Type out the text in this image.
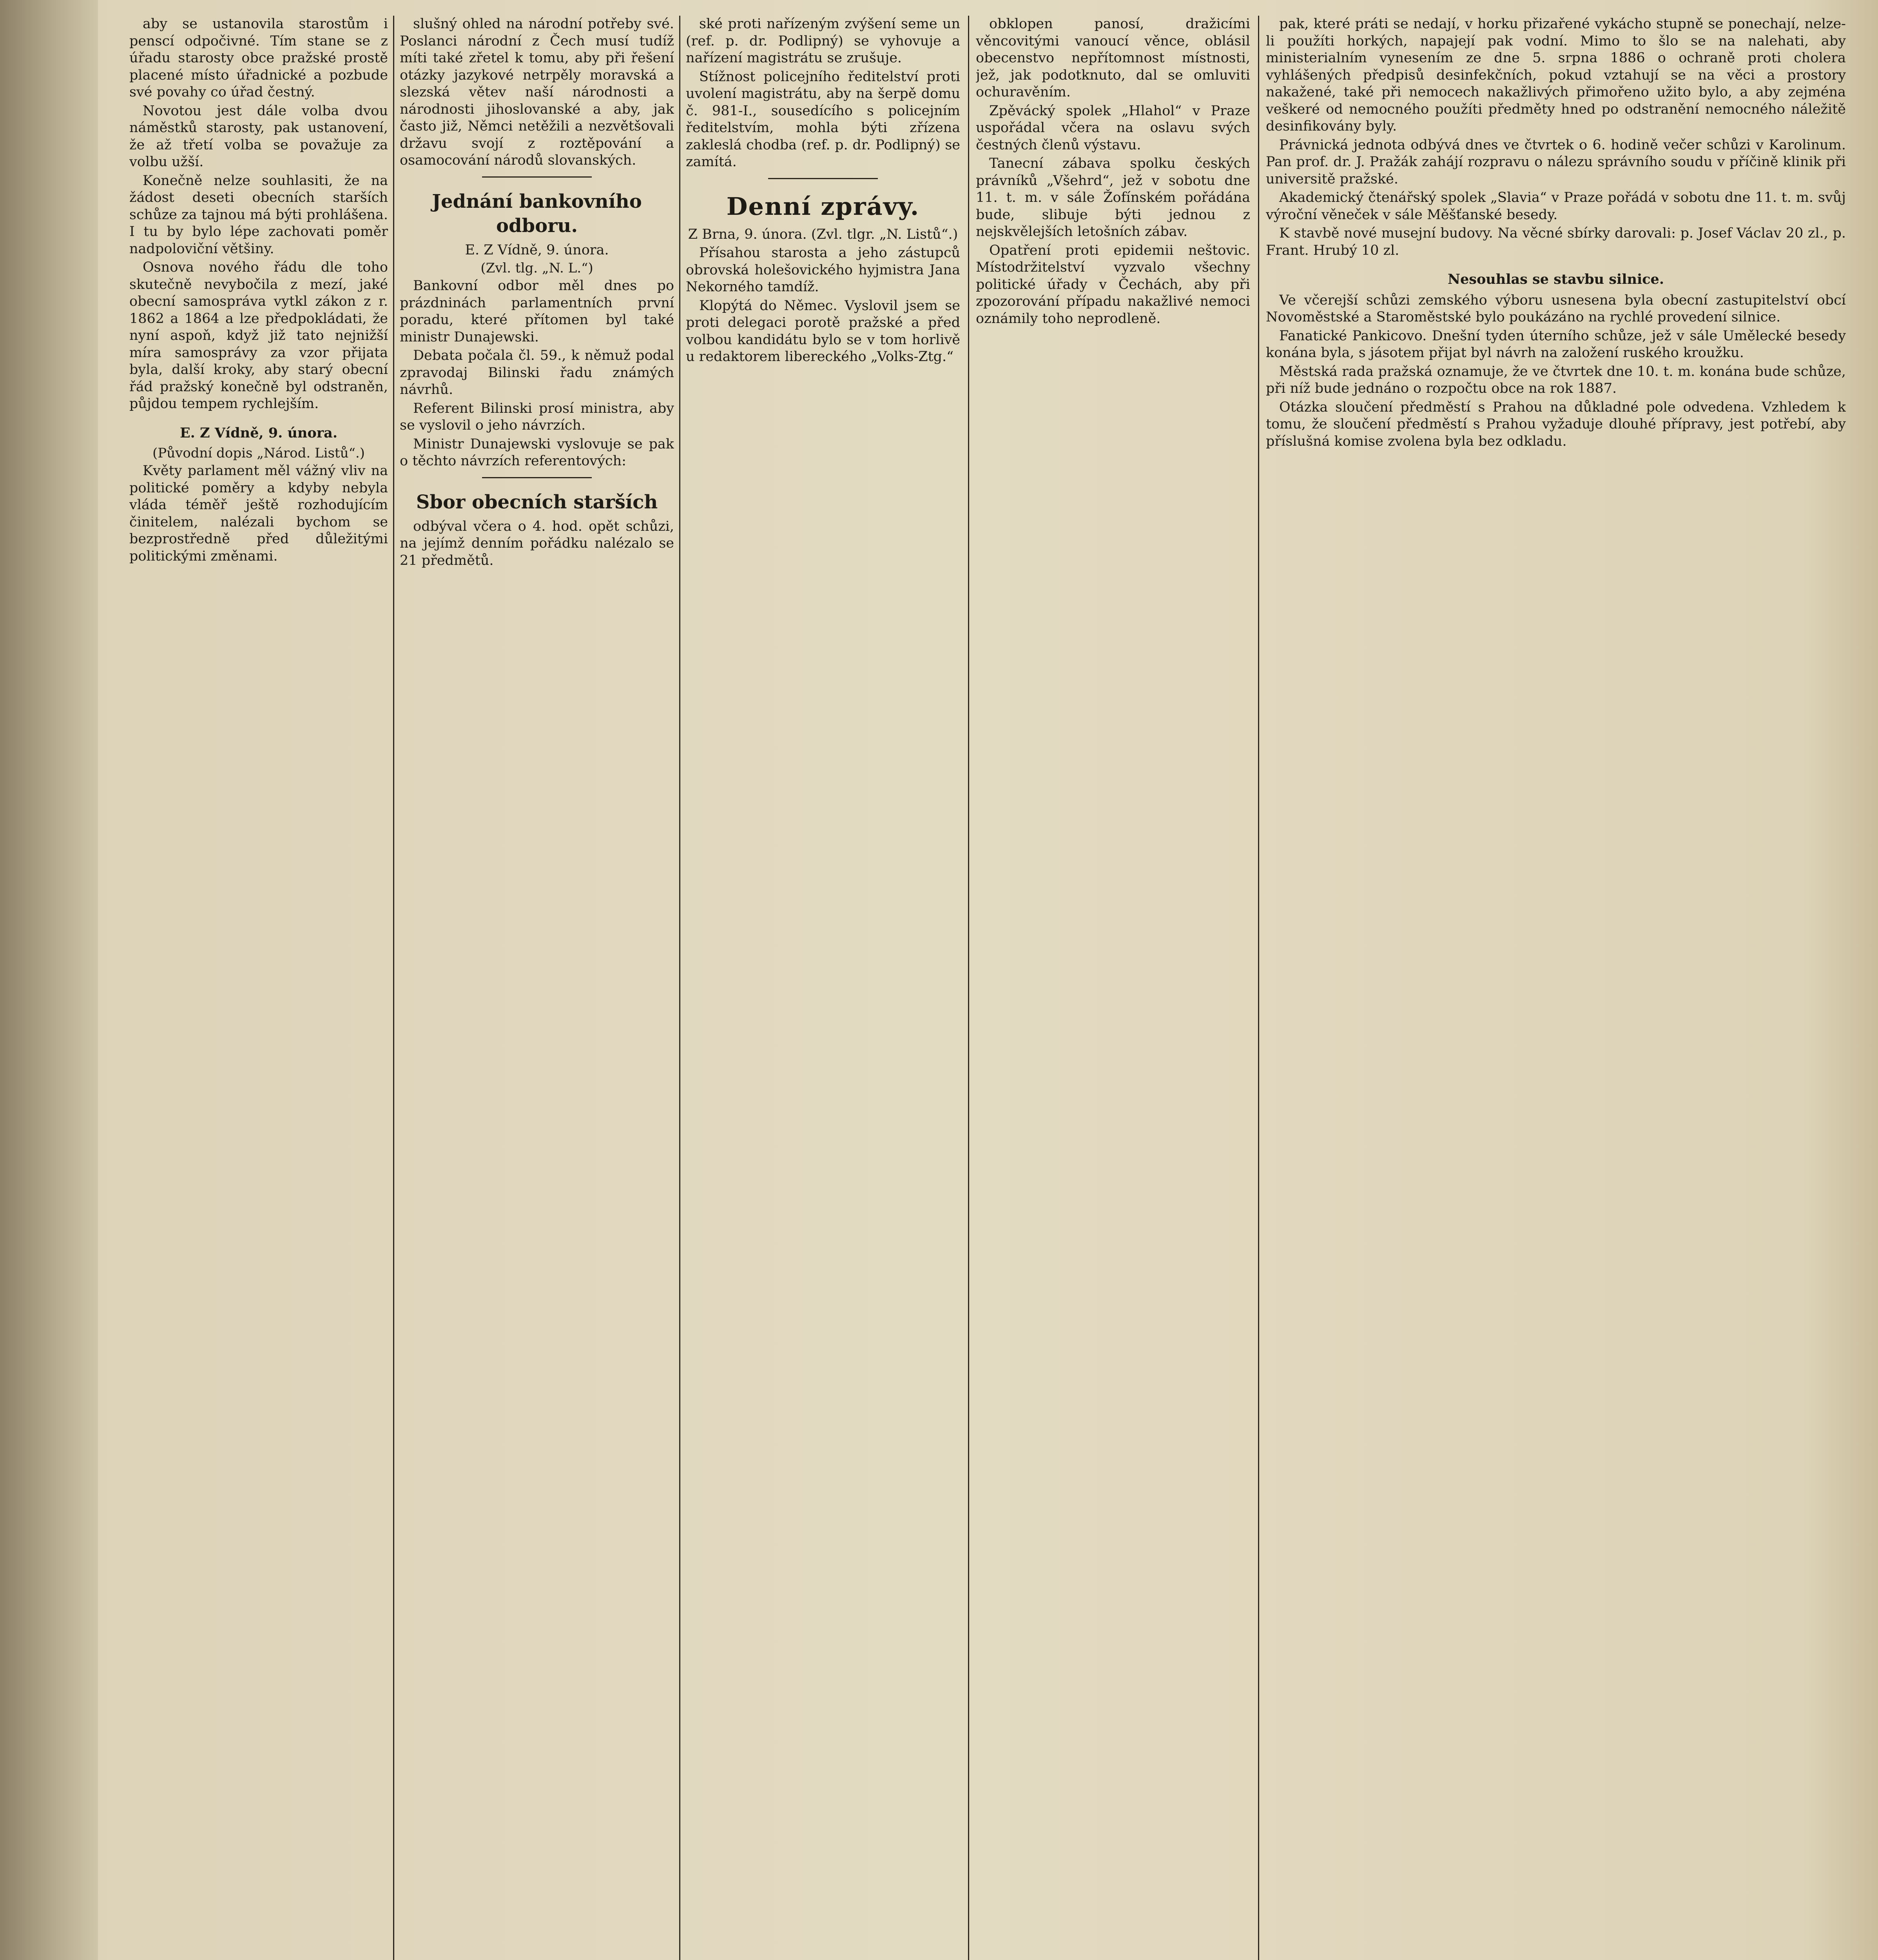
aby se ustanovila starostům i penscí odpočivné. Tím stane se z úřadu starosty obce pražské prostě placené místo úřadnické a pozbude své povahy co úřad čestný.

Novotou jest dále volba dvou náměstků starosty, pak ustanovení, že až třetí volba se považuje za volbu užší.

Konečně nelze souhlasiti, že na žádost deseti obecních starších schůze za tajnou má býti prohlášena. I tu by bylo lépe zachovati poměr nadpoloviční většiny.

Osnova nového řádu dle toho skutečně nevybočila z mezí, jaké obecní samospráva vytkl zákon z r. 1862 a 1864 a lze předpokládati, že nyní aspoň, když již tato nejnižší míra samosprávy za vzor přijata byla, další kroky, aby starý obecní řád pražský konečně byl odstraněn, půjdou tempem rychlejším.

E. Z Vídně, 9. února.

(Původní dopis „Národ. Listů“.)

Květy parlament měl vážný vliv na politické poměry a kdyby nebyla vláda téměř ještě rozhodujícím činitelem, nalézali bychom se bezprostředně před důležitými politickými změnami.

slušný ohled na národní potřeby své. Poslanci národní z Čech musí tudíž míti také zřetel k tomu, aby při řešení otázky jazykové netrpěly moravská a slezská větev naší národnosti a národnosti jihoslovanské a aby, jak často již, Němci netěžili a nezvětšovali državu svojí z roztěpování a osamocování národů slovanských.

Jednání bankovního odboru.

E. Z Vídně, 9. února.

(Zvl. tlg. „N. L.“)

Bankovní odbor měl dnes po prázdninách parlamentních první poradu, které přítomen byl také ministr Dunajewski.

Debata počala čl. 59., k němuž podal zpravodaj Bilinski řadu známých návrhů.

Referent Bilinski prosí ministra, aby se vyslovil o jeho návrzích.

Ministr Dunajewski vyslovuje se pak o těchto návrzích referentových:

Sbor obecních starších

odbýval včera o 4. hod. opět schůzi, na jejímž denním pořádku nalézalo se 21 předmětů.

ské proti nařízeným zvýšení seme un (ref. p. dr. Podlipný) se vyhovuje a nařízení magistrátu se zrušuje.

Stížnost policejního ředitelství proti uvolení magistrátu, aby na šerpě domu č. 981-I., sousedícího s policejním ředitelstvím, mohla býti zřízena zakleslá chodba (ref. p. dr. Podlipný) se zamítá.

Denní zprávy.

Z Brna, 9. února. (Zvl. tlgr. „N. Listů“.)

Přísahou starosta a jeho zástupců obrovská holešovického hyjmistra Jana Nekorného tamdíž.

Klopýtá do Němec. Vyslovil jsem se proti delegaci porotě pražské a před volbou kandidátu bylo se v tom horlivě u redaktorem libereckého „Volks-Ztg.“

obklopen panosí, dražicími věncovitými vanoucí věnce, oblásil obecenstvo nepřítomnost místnosti, jež, jak podotknuto, dal se omluviti ochuravěním.

Zpěvácký spolek „Hlahol“ v Praze uspořádal včera na oslavu svých čestných členů výstavu.

Tanecní zábava spolku českých právníků „Všehrd“, jež v sobotu dne 11. t. m. v sále Žofínském pořádána bude, slibuje býti jednou z nejskvělejších letošních zábav.

Opatření proti epidemii neštovic. Místodržitelství vyzvalo všechny politické úřady v Čechách, aby při zpozorování případu nakažlivé nemoci oznámily toho neprodleně.

pak, které práti se nedají, v horku přizařené vykácho stupně se ponechají, nelze-li použíti horkých, napajejí pak vodní. Mimo to šlo se na nalehati, aby ministerialním vynesením ze dne 5. srpna 1886 o ochraně proti cholera vyhlášených předpisů desinfekčních, pokud vztahují se na věci a prostory nakažené, také při nemocech nakažlivých přimořeno užito bylo, a aby zejména veškeré od nemocného použíti předměty hned po odstranění nemocného náležitě desinfikovány byly.

Právnická jednota odbývá dnes ve čtvrtek o 6. hodině večer schůzi v Karolinum. Pan prof. dr. J. Pražák zahájí rozpravu o nálezu správního soudu v příčině klinik při universitě pražské.

Akademický čtenářský spolek „Slavia“ v Praze pořádá v sobotu dne 11. t. m. svůj výroční věneček v sále Měšťanské besedy.

K stavbě nové musejní budovy. Na věcné sbírky darovali: p. Josef Václav 20 zl., p. Frant. Hrubý 10 zl.

Nesouhlas se stavbu silnice.

Ve včerejší schůzi zemského výboru usnesena byla obecní zastupitelství obcí Novoměstské a Staroměstské bylo poukázáno na rychlé provedení silnice.

Fanatické Pankicovo. Dnešní tyden úterního schůze, jež v sále Umělecké besedy konána byla, s jásotem přijat byl návrh na založení ruského kroužku.

Městská rada pražská oznamuje, že ve čtvrtek dne 10. t. m. konána bude schůze, při níž bude jednáno o rozpočtu obce na rok 1887.

Otázka sloučení předměstí s Prahou na důkladné pole odvedena. Vzhledem k tomu, že sloučení předměstí s Prahou vyžaduje dlouhé přípravy, jest potřebí, aby příslušná komise zvolena byla bez odkladu.
